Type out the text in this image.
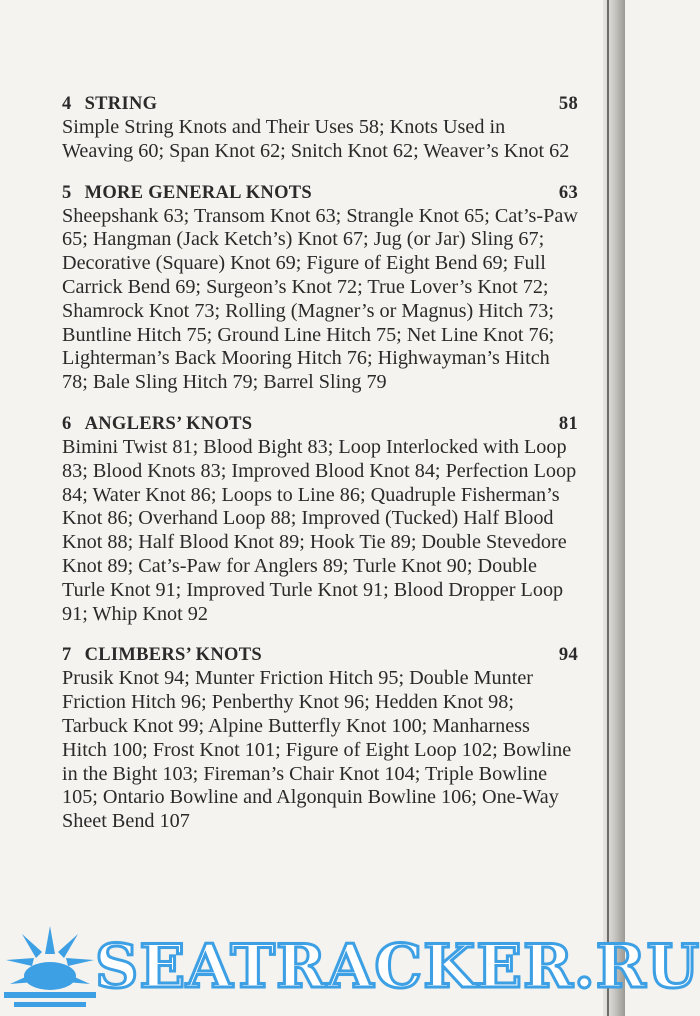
4 STRING	58

Simple String Knots and Their Uses 58; Knots Used in Weaving 60; Span Knot 62; Snitch Knot 62; Weaver’s Knot 62

5 MORE GENERAL KNOTS	63

Sheepshank 63; Transom Knot 63; Strangle Knot 65; Cat’s-Paw 65; Hangman (Jack Ketch’s) Knot 67; Jug (or Jar) Sling 67; Decorative (Square) Knot 69; Figure of Eight Bend 69; Full Carrick Bend 69; Surgeon’s Knot 72; True Lover’s Knot 72; Shamrock Knot 73; Rolling (Magner’s or Magnus) Hitch 73; Buntline Hitch 75; Ground Line Hitch 75; Net Line Knot 76; Lighterman’s Back Mooring Hitch 76; Highwayman’s Hitch 78; Bale Sling Hitch 79; Barrel Sling 79

6 ANGLERS’ KNOTS	81

Bimini Twist 81; Blood Bight 83; Loop Interlocked with Loop 83; Blood Knots 83; Improved Blood Knot 84; Perfection Loop 84; Water Knot 86; Loops to Line 86; Quadruple Fisherman’s Knot 86; Overhand Loop 88; Improved (Tucked) Half Blood Knot 88; Half Blood Knot 89; Hook Tie 89; Double Stevedore Knot 89; Cat’s-Paw for Anglers 89; Turle Knot 90; Double Turle Knot 91; Improved Turle Knot 91; Blood Dropper Loop 91; Whip Knot 92

7 CLIMBERS’ KNOTS	94

Prusik Knot 94; Munter Friction Hitch 95; Double Munter Friction Hitch 96; Penberthy Knot 96; Hedden Knot 98; Tarbuck Knot 99; Alpine Butterfly Knot 100; Manharness Hitch 100; Frost Knot 101; Figure of Eight Loop 102; Bowline in the Bight 103; Fireman’s Chair Knot 104; Triple Bowline 105; Ontario Bowline and Algonquin Bowline 106; One-Way Sheet Bend 107

SEATRACKER.RU
